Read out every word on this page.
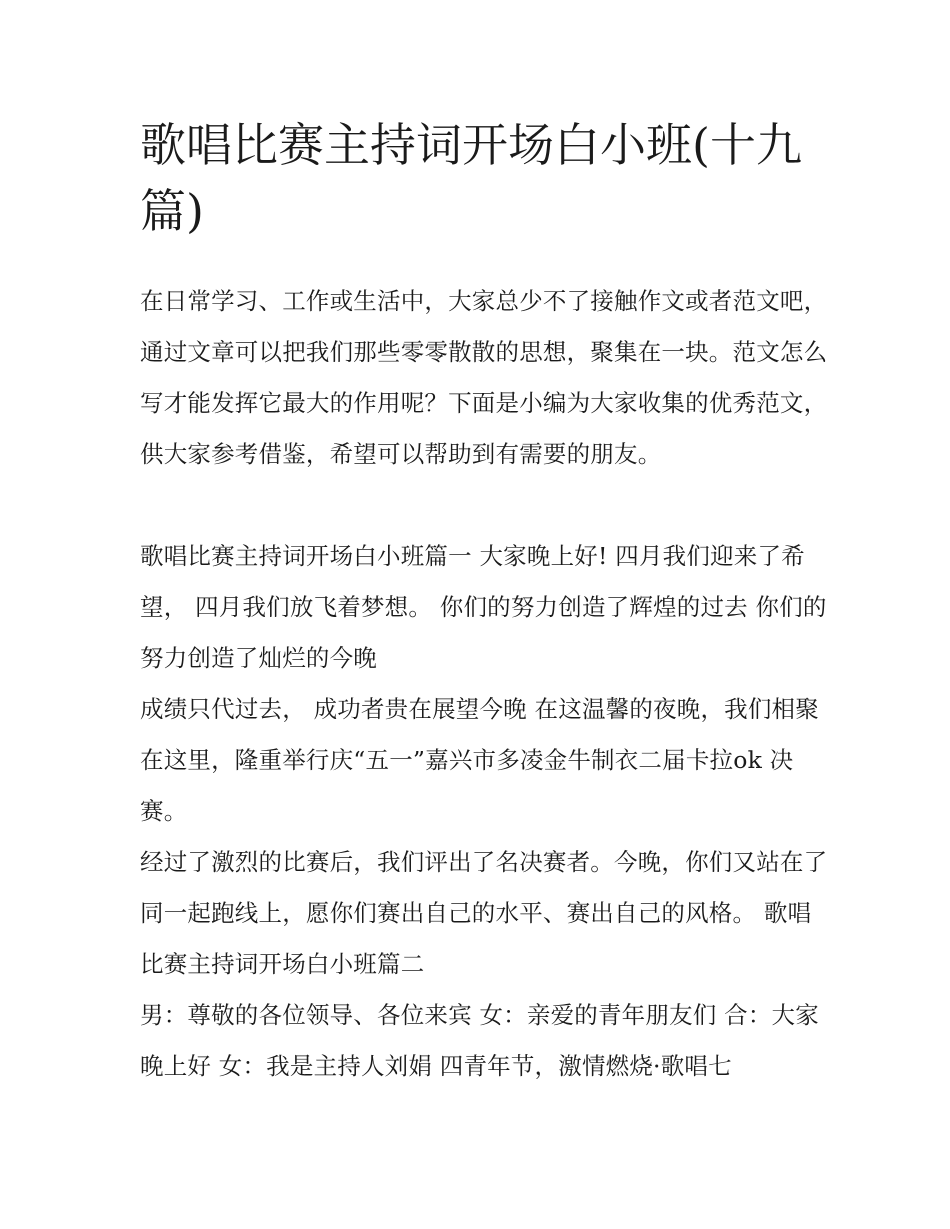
歌唱比赛主持词开场白小班(十九篇)

在日常学习、工作或生活中，大家总少不了接触作文或者范文吧，通过文章可以把我们那些零零散散的思想，聚集在一块。范文怎么写才能发挥它最大的作用呢？下面是小编为大家收集的优秀范文，供大家参考借鉴，希望可以帮助到有需要的朋友。

歌唱比赛主持词开场白小班篇一 大家晚上好! 四月我们迎来了希望， 四月我们放飞着梦想。 你们的努力创造了辉煌的过去 你们的努力创造了灿烂的今晚

成绩只代过去， 成功者贵在展望今晚 在这温馨的夜晚，我们相聚在这里，隆重举行庆“五一”嘉兴市多凌金牛制衣二届卡拉ok 决赛。

经过了激烈的比赛后，我们评出了名决赛者。今晚，你们又站在了同一起跑线上，愿你们赛出自己的水平、赛出自己的风格。 歌唱比赛主持词开场白小班篇二

男：尊敬的各位领导、各位来宾 女：亲爱的青年朋友们 合：大家晚上好 女：我是主持人刘娟 四青年节，激情燃烧·歌唱七
